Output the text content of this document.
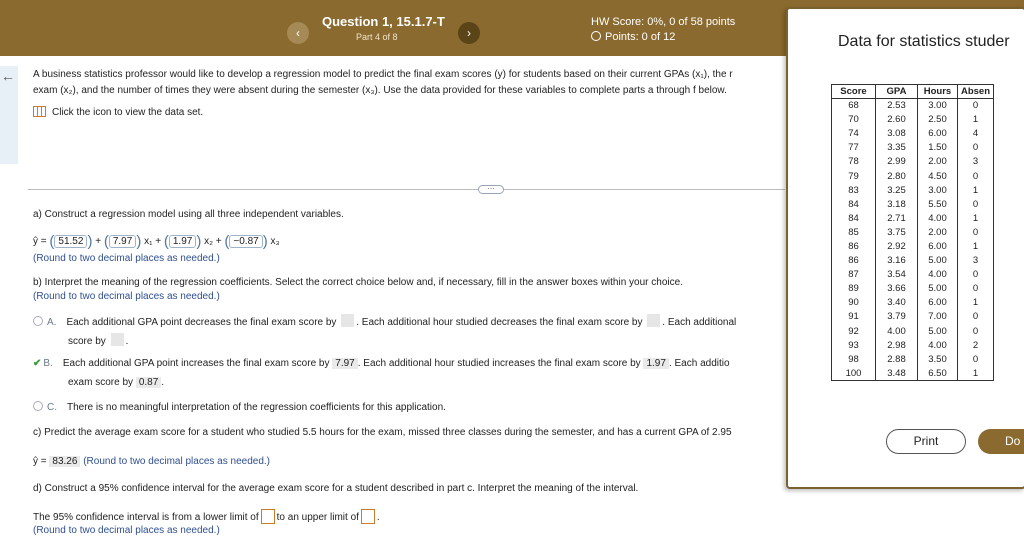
‹
Question 1, 15.1.7-T
Part 4 of 8	›
HW Score: 0%, 0 of 58 points
Points: 0 of 12
← A business statistics professor would like to develop a regression model to predict the final exam scores (y) for students based on their current GPAs (x₁), the r

exam (x₂), and the number of times they were absent during the semester (x₃). Use the data provided for these variables to complete parts a through f below.

Click the icon to view the data set.

a) Construct a regression model using all three independent variables.

ŷ = ( 51.52 ) + ( 7.97 ) x₁ + ( 1.97 ) x₂ + ( −0.87 ) x₃

(Round to two decimal places as needed.)

b) Interpret the meaning of the regression coefficients. Select the correct choice below and, if necessary, fill in the answer boxes within your choice.

(Round to two decimal places as needed.)

A. Each additional GPA point decreases the final exam score by . Each additional hour studied decreases the final exam score by . Each additional

score by .

✔ B. Each additional GPA point increases the final exam score by 7.97 . Each additional hour studied increases the final exam score by 1.97 . Each additio

exam score by 0.87 .

C. There is no meaningful interpretation of the regression coefficients for this application.

c) Predict the average exam score for a student who studied 5.5 hours for the exam, missed three classes during the semester, and has a current GPA of 2.95

ŷ = 83.26 (Round to two decimal places as needed.)

d) Construct a 95% confidence interval for the average exam score for a student described in part c. Interpret the meaning of the interval.

The 95% confidence interval is from a lower limit of to an upper limit of .

(Round to two decimal places as needed.)

···
Data for statistics studer
Score	GPA	Hours	Absen
68	2.53	3.00	0
70	2.60	2.50	1
74	3.08	6.00	4
77	3.35	1.50	0
78	2.99	2.00	3
79	2.80	4.50	0
83	3.25	3.00	1
84	3.18	5.50	0
84	2.71	4.00	1
85	3.75	2.00	0
86	2.92	6.00	1
86	3.16	5.00	3
87	3.54	4.00	0
89	3.66	5.00	0
90	3.40	6.00	1
91	3.79	7.00	0
92	4.00	5.00	0
93	2.98	4.00	2
98	2.88	3.50	0
100	3.48	6.50	1
Print	Do
